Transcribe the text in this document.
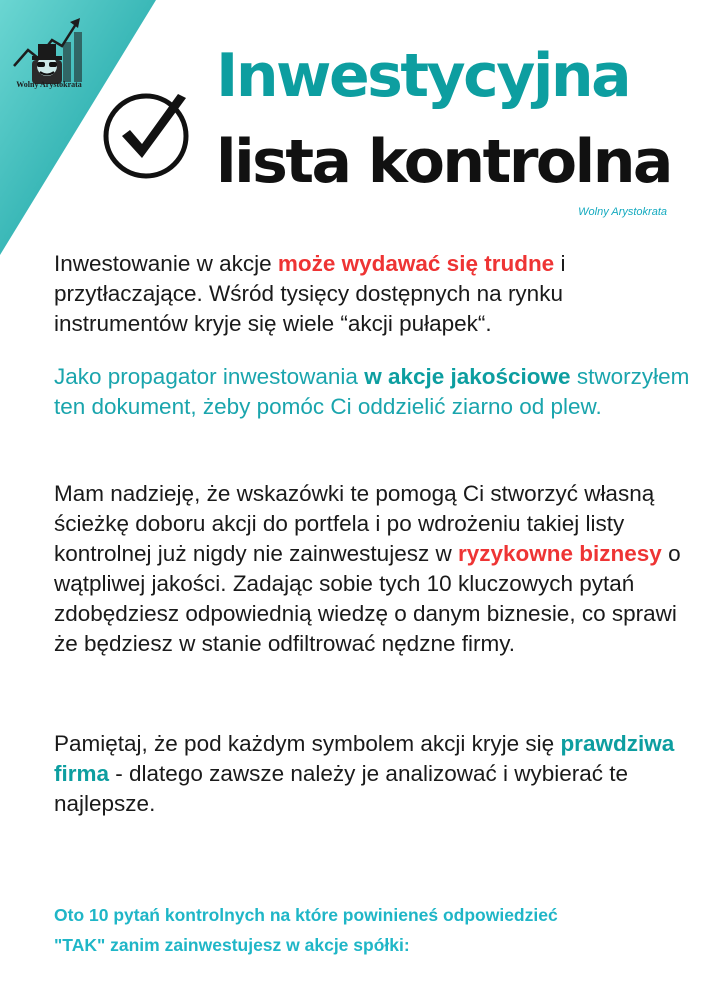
Wolny Arystokrata Inwestycyjna
lista kontrolna
Wolny Arystokrata

Inwestowanie w akcje może wydawać się trudne i przytłaczające. Wśród tysięcy dostępnych na rynku instrumentów kryje się wiele “akcji pułapek“.

Jako propagator inwestowania w akcje jakościowe stworzyłem ten dokument, żeby pomóc Ci oddzielić ziarno od plew.

Mam nadzieję, że wskazówki te pomogą Ci stworzyć własną ścieżkę doboru akcji do portfela i po wdrożeniu takiej listy kontrolnej już nigdy nie zainwestujesz w ryzykowne biznesy o wątpliwej jakości. Zadając sobie tych 10 kluczowych pytań zdobędziesz odpowiednią wiedzę o danym biznesie, co sprawi że będziesz w stanie odfiltrować nędzne firmy.

Pamiętaj, że pod każdym symbolem akcji kryje się prawdziwa firma - dlatego zawsze należy je analizować i wybierać te najlepsze.

Oto 10 pytań kontrolnych na które powinieneś odpowiedzieć
"TAK" zanim zainwestujesz w akcje spółki:
